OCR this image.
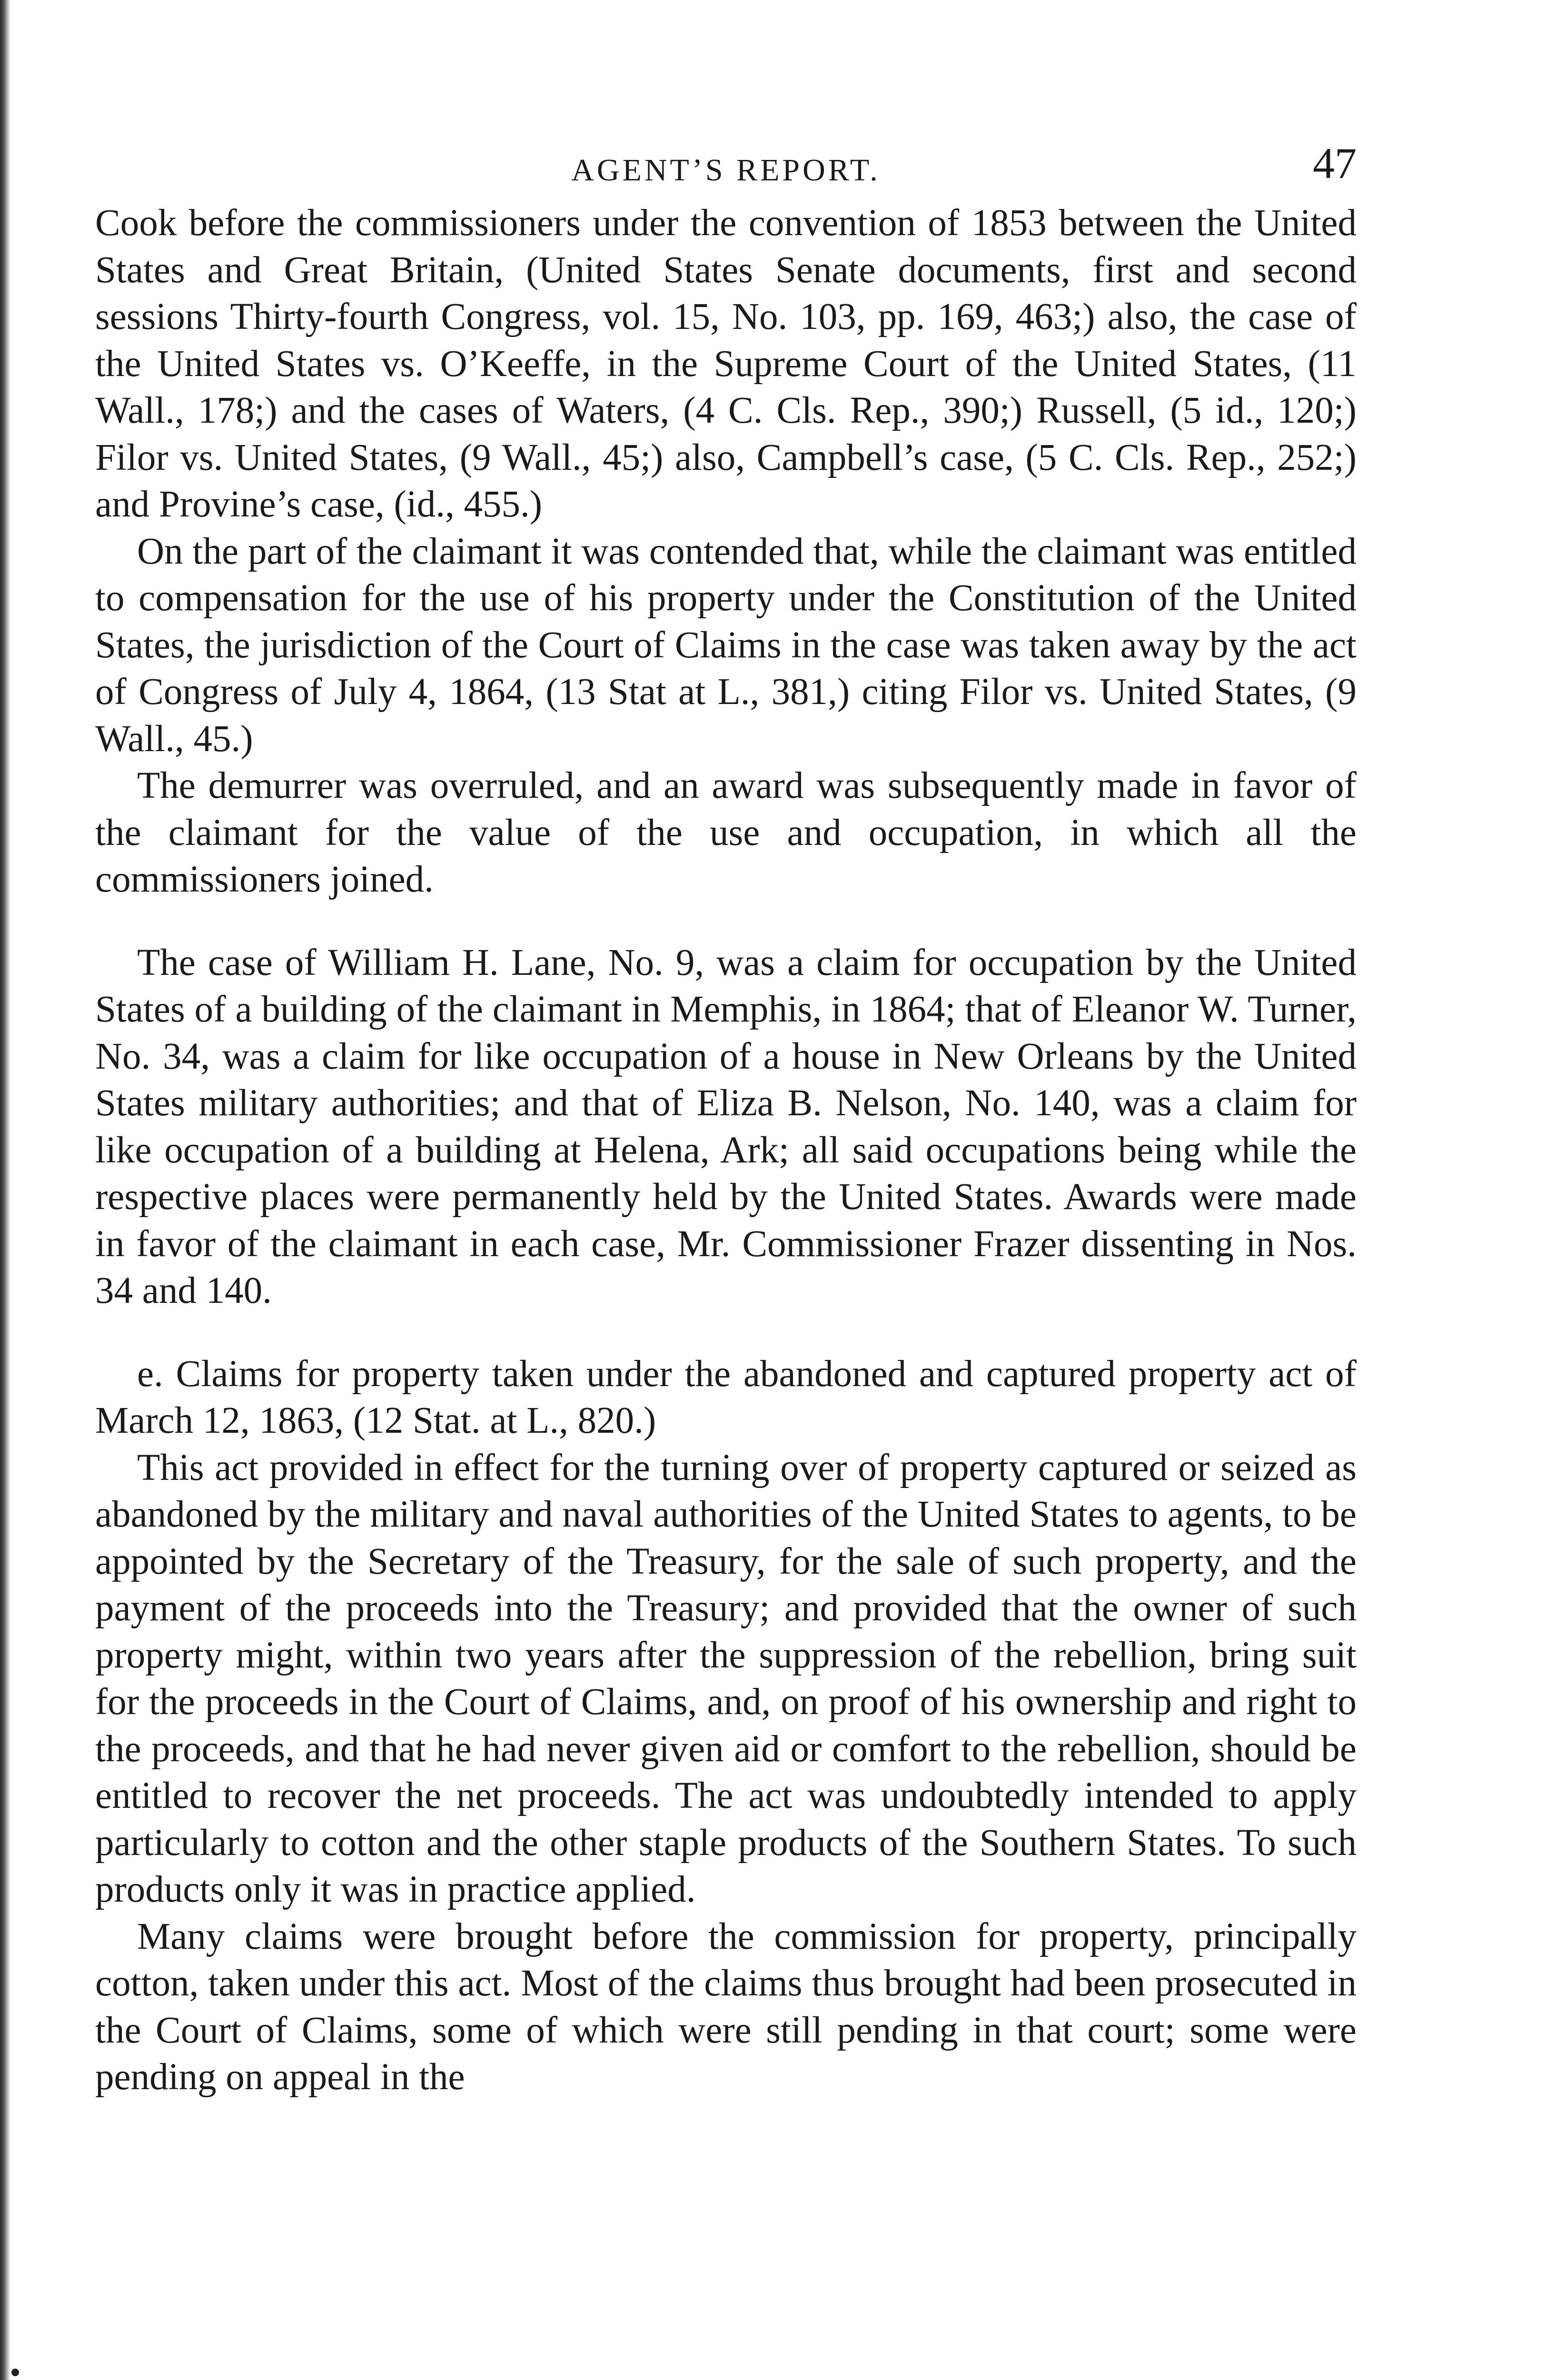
AGENT’S REPORT.	47

Cook before the commissioners under the convention of 1853 between the United States and Great Britain, (United States Senate documents, first and second sessions Thirty-fourth Congress, vol. 15, No. 103, pp. 169, 463;) also, the case of the United States vs. O’Keeffe, in the Supreme Court of the United States, (11 Wall., 178;) and the cases of Waters, (4 C. Cls. Rep., 390;) Russell, (5 id., 120;) Filor vs. United States, (9 Wall., 45;) also, Campbell’s case, (5 C. Cls. Rep., 252;) and Provine’s case, (id., 455.)

On the part of the claimant it was contended that, while the claimant was entitled to compensation for the use of his property under the Constitution of the United States, the jurisdiction of the Court of Claims in the case was taken away by the act of Congress of July 4, 1864, (13 Stat at L., 381,) citing Filor vs. United States, (9 Wall., 45.)

The demurrer was overruled, and an award was subsequently made in favor of the claimant for the value of the use and occupation, in which all the commissioners joined.

The case of William H. Lane, No. 9, was a claim for occupation by the United States of a building of the claimant in Memphis, in 1864; that of Eleanor W. Turner, No. 34, was a claim for like occupation of a house in New Orleans by the United States military authorities; and that of Eliza B. Nelson, No. 140, was a claim for like occupation of a building at Helena, Ark; all said occupations being while the respective places were permanently held by the United States. Awards were made in favor of the claimant in each case, Mr. Commissioner Frazer dissenting in Nos. 34 and 140.

e. Claims for property taken under the abandoned and captured property act of March 12, 1863, (12 Stat. at L., 820.)

This act provided in effect for the turning over of property captured or seized as abandoned by the military and naval authorities of the United States to agents, to be appointed by the Secretary of the Treasury, for the sale of such property, and the payment of the proceeds into the Treasury; and provided that the owner of such property might, within two years after the suppression of the rebellion, bring suit for the proceeds in the Court of Claims, and, on proof of his ownership and right to the proceeds, and that he had never given aid or comfort to the rebellion, should be entitled to recover the net proceeds. The act was undoubtedly intended to apply particularly to cotton and the other staple products of the Southern States. To such products only it was in practice applied.

Many claims were brought before the commission for property, principally cotton, taken under this act. Most of the claims thus brought had been prosecuted in the Court of Claims, some of which were still pending in that court; some were pending on appeal in the
